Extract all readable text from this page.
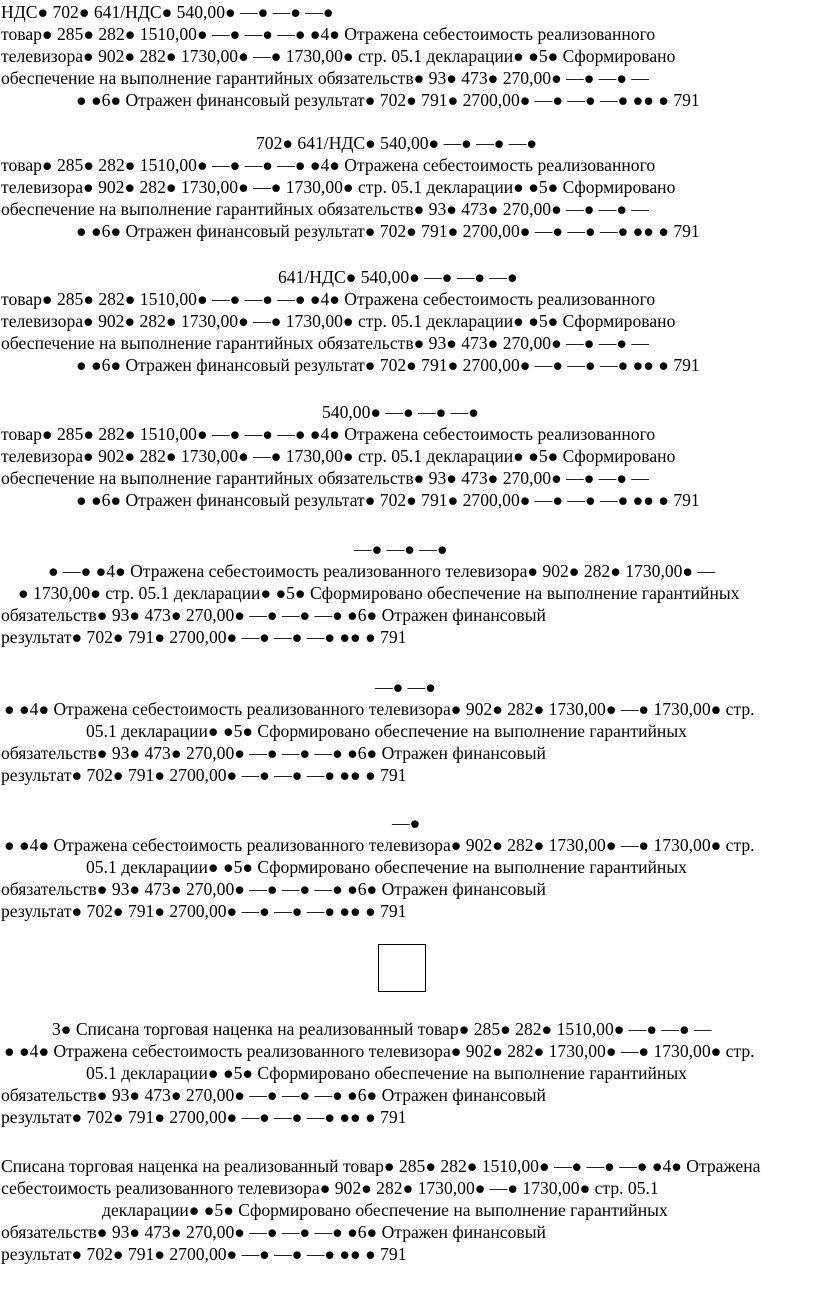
НДС● 702● 641/НДС● 540,00● —● —● —●
товар● 285● 282● 1510,00● —● —● —● ●4● Отражена себестоимость реализованного
телевизора● 902● 282● 1730,00● —● 1730,00● стр. 05.1 декларации● ●5● Сформировано
обеспечение на выполнение гарантийных обязательств● 93● 473● 270,00● —● —● —
● ●6● Отражен финансовый результат● 702● 791● 2700,00● —● —● —● ●● ● 791
702● 641/НДС● 540,00● —● —● —●
товар● 285● 282● 1510,00● —● —● —● ●4● Отражена себестоимость реализованного
телевизора● 902● 282● 1730,00● —● 1730,00● стр. 05.1 декларации● ●5● Сформировано
обеспечение на выполнение гарантийных обязательств● 93● 473● 270,00● —● —● —
● ●6● Отражен финансовый результат● 702● 791● 2700,00● —● —● —● ●● ● 791
641/НДС● 540,00● —● —● —●
товар● 285● 282● 1510,00● —● —● —● ●4● Отражена себестоимость реализованного
телевизора● 902● 282● 1730,00● —● 1730,00● стр. 05.1 декларации● ●5● Сформировано
обеспечение на выполнение гарантийных обязательств● 93● 473● 270,00● —● —● —
● ●6● Отражен финансовый результат● 702● 791● 2700,00● —● —● —● ●● ● 791
540,00● —● —● —●
товар● 285● 282● 1510,00● —● —● —● ●4● Отражена себестоимость реализованного
телевизора● 902● 282● 1730,00● —● 1730,00● стр. 05.1 декларации● ●5● Сформировано
обеспечение на выполнение гарантийных обязательств● 93● 473● 270,00● —● —● —
● ●6● Отражен финансовый результат● 702● 791● 2700,00● —● —● —● ●● ● 791
—● —● —●
● —● ●4● Отражена себестоимость реализованного телевизора● 902● 282● 1730,00● —
● 1730,00● стр. 05.1 декларации● ●5● Сформировано обеспечение на выполнение гарантийных
обязательств● 93● 473● 270,00● —● —● —● ●6● Отражен финансовый
результат● 702● 791● 2700,00● —● —● —● ●● ● 791
—● —●
● ●4● Отражена себестоимость реализованного телевизора● 902● 282● 1730,00● —● 1730,00● стр.
05.1 декларации● ●5● Сформировано обеспечение на выполнение гарантийных
обязательств● 93● 473● 270,00● —● —● —● ●6● Отражен финансовый
результат● 702● 791● 2700,00● —● —● —● ●● ● 791
—●
● ●4● Отражена себестоимость реализованного телевизора● 902● 282● 1730,00● —● 1730,00● стр.
05.1 декларации● ●5● Сформировано обеспечение на выполнение гарантийных
обязательств● 93● 473● 270,00● —● —● —● ●6● Отражен финансовый
результат● 702● 791● 2700,00● —● —● —● ●● ● 791
3● Списана торговая наценка на реализованный товар● 285● 282● 1510,00● —● —● —
● ●4● Отражена себестоимость реализованного телевизора● 902● 282● 1730,00● —● 1730,00● стр.
05.1 декларации● ●5● Сформировано обеспечение на выполнение гарантийных
обязательств● 93● 473● 270,00● —● —● —● ●6● Отражен финансовый
результат● 702● 791● 2700,00● —● —● —● ●● ● 791
Списана торговая наценка на реализованный товар● 285● 282● 1510,00● —● —● —● ●4● Отражена
себестоимость реализованного телевизора● 902● 282● 1730,00● —● 1730,00● стр. 05.1
декларации● ●5● Сформировано обеспечение на выполнение гарантийных
обязательств● 93● 473● 270,00● —● —● —● ●6● Отражен финансовый
результат● 702● 791● 2700,00● —● —● —● ●● ● 791
